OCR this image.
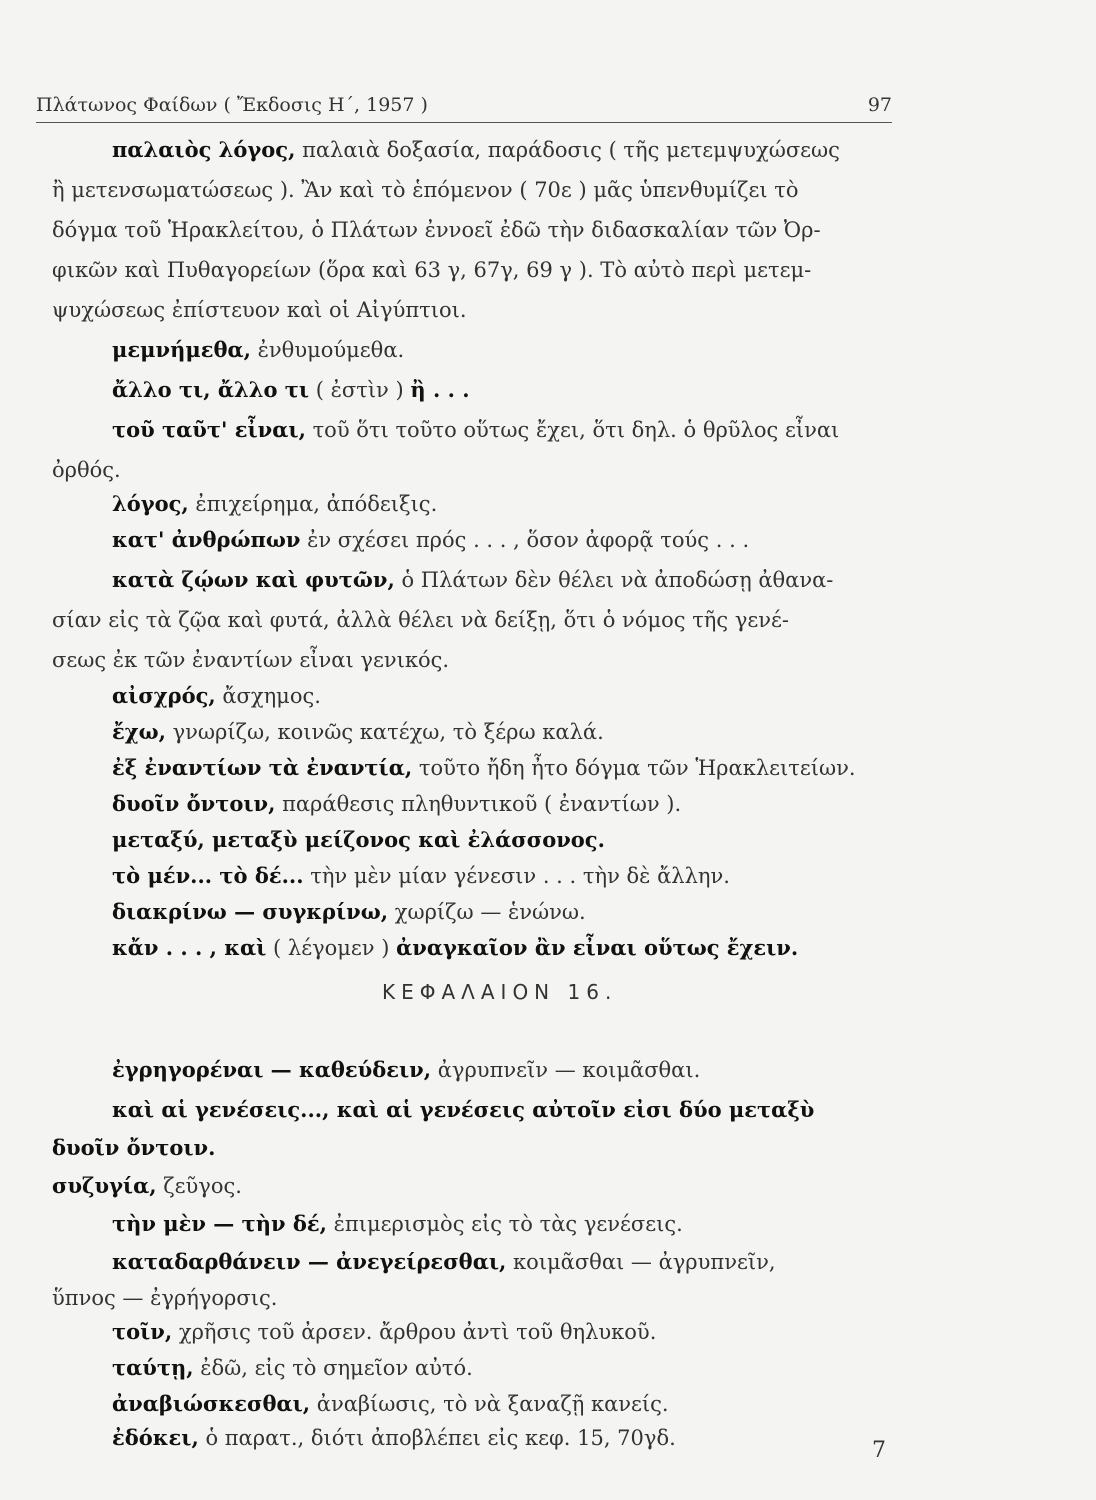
Πλάτωνος Φαίδων ( Ἔκδοσις Η΄, 1957 )	97
παλαιὸς λόγος, παλαιὰ δοξασία, παράδοσις ( τῆς μετεμψυχώσεως
ἢ μετενσωματώσεως ). Ἂν καὶ τὸ ἑπόμενον ( 70ε ) μᾶς ὑπενθυμίζει τὸ
δόγμα τοῦ Ἡρακλείτου, ὁ Πλάτων ἐννοεῖ ἐδῶ τὴν διδασκαλίαν τῶν Ὀρ-
φικῶν καὶ Πυθαγορείων (ὅρα καὶ 63 γ, 67γ, 69 γ ). Τὸ αὐτὸ περὶ μετεμ-
ψυχώσεως ἐπίστευον καὶ οἱ Αἰγύπτιοι.
μεμνήμεθα, ἐνθυμούμεθα.
ἄλλο τι, ἄλλο τι ( ἐστὶν ) ἢ . . .
τοῦ ταῦτ' εἶναι, τοῦ ὅτι τοῦτο οὕτως ἔχει, ὅτι δηλ. ὁ θρῦλος εἶναι
ὀρθός.
λόγος, ἐπιχείρημα, ἀπόδειξις.
κατ' ἀνθρώπων ἐν σχέσει πρός . . . , ὅσον ἀφορᾷ τούς . . .
κατὰ ζῴων καὶ φυτῶν, ὁ Πλάτων δὲν θέλει νὰ ἀποδώσῃ ἀθανα-
σίαν εἰς τὰ ζῷα καὶ φυτά, ἀλλὰ θέλει νὰ δείξῃ, ὅτι ὁ νόμος τῆς γενέ-
σεως ἐκ τῶν ἐναντίων εἶναι γενικός.
αἰσχρός, ἄσχημος.
ἔχω, γνωρίζω, κοινῶς κατέχω, τὸ ξέρω καλά.
ἐξ ἐναντίων τὰ ἐναντία, τοῦτο ἤδη ἦτο δόγμα τῶν Ἡρακλειτείων.
δυοῖν ὄντοιν, παράθεσις πληθυντικοῦ ( ἐναντίων ).
μεταξύ, μεταξὺ μείζονος καὶ ἐλάσσονος.
τὸ μέν... τὸ δέ... τὴν μὲν μίαν γένεσιν . . . τὴν δὲ ἄλλην.
διακρίνω — συγκρίνω, χωρίζω — ἑνώνω.
κἄν . . . , καὶ ( λέγομεν ) ἀναγκαῖον ἂν εἶναι οὕτως ἔχειν.
ἐγρηγορέναι — καθεύδειν, ἀγρυπνεῖν — κοιμᾶσθαι.
καὶ αἱ γενέσεις..., καὶ αἱ γενέσεις αὐτοῖν εἰσι δύο μεταξὺ
δυοῖν ὄντοιν.
συζυγία, ζεῦγος.
τὴν μὲν — τὴν δέ, ἐπιμερισμὸς εἰς τὸ τὰς γενέσεις.
καταδαρθάνειν — ἀνεγείρεσθαι, κοιμᾶσθαι — ἀγρυπνεῖν,
ὕπνος — ἐγρήγορσις.
τοῖν, χρῆσις τοῦ ἀρσεν. ἄρθρου ἀντὶ τοῦ θηλυκοῦ.
ταύτῃ, ἐδῶ, εἰς τὸ σημεῖον αὐτό.
ἀναβιώσκεσθαι, ἀναβίωσις, τὸ νὰ ξαναζῇ κανείς.
ἐδόκει, ὁ παρατ., διότι ἀποβλέπει εἰς κεφ. 15, 70γδ.
ΚΕΦΑΛΑΙΟΝ 16.
7
